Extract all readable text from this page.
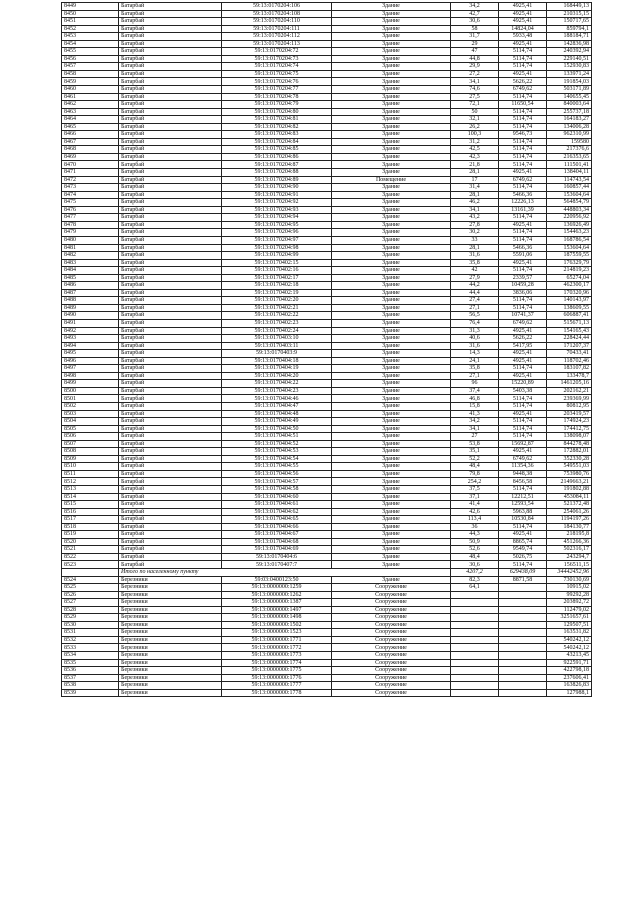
8449	Батарбай	59:13:0170204:106	Здание	34,2	4925,41	168449,13
8450	Батарбай	59:13:0170204:108	Здание	42,7	4925,41	210315,15
8451	Батарбай	59:13:0170204:110	Здание	30,6	4925,41	150717,65
8452	Батарбай	59:13:0170204:111	Здание	58	14824,04	859794,1
8453	Батарбай	59:13:0170204:112	Здание	31,7	5933,48	188184,71
8454	Батарбай	59:13:0170204:113	Здание	29	4925,41	142836,98
8455	Батарбай	59:13:0170204:72	Здание	47	5114,74	240392,94
8456	Батарбай	59:13:0170204:73	Здание	44,8	5114,74	229140,51
8457	Батарбай	59:13:0170204:74	Здание	29,9	5114,74	152930,83
8458	Батарбай	59:13:0170204:75	Здание	27,2	4925,41	133971,24
8459	Батарбай	59:13:0170204:76	Здание	34,1	5626,22	191854,03
8460	Батарбай	59:13:0170204:77	Здание	74,6	6749,62	503171,89
8461	Батарбай	59:13:0170204:78	Здание	27,5	5114,74	140655,45
8462	Батарбай	59:13:0170204:79	Здание	72,1	11650,54	840003,64
8463	Батарбай	59:13:0170204:80	Здание	50	5114,74	255737,18
8464	Батарбай	59:13:0170204:81	Здание	32,1	5114,74	164183,27
8465	Батарбай	59:13:0170204:82	Здание	26,2	5114,74	134006,28
8466	Батарбай	59:13:0170204:83	Здание	100,3	9546,73	962310,99
8467	Батарбай	59:13:0170204:84	Здание	31,2	5114,74	159580
8468	Батарбай	59:13:0170204:85	Здание	42,5	5114,74	217376,6
8469	Батарбай	59:13:0170204:86	Здание	42,3	5114,74	216353,65
8470	Батарбай	59:13:0170204:87	Здание	21,8	5114,74	111501,41
8471	Батарбай	59:13:0170204:88	Здание	28,1	4925,41	138404,11
8472	Батарбай	59:13:0170204:89	Помещение	17	6749,62	114743,54
8473	Батарбай	59:13:0170204:90	Здание	31,4	5114,74	160857,44
8474	Батарбай	59:13:0170204:91	Здание	28,1	5466,36	153604,64
8475	Батарбай	59:13:0170204:92	Здание	46,2	12226,13	564854,79
8476	Батарбай	59:13:0170204:93	Здание	34,1	13161,39	448803,34
8477	Батарбай	59:13:0170204:94	Здание	43,2	5114,74	220956,92
8478	Батарбай	59:13:0170204:95	Здание	27,8	4925,41	136926,49
8479	Батарбай	59:13:0170204:96	Здание	30,2	5114,74	154463,23
8480	Батарбай	59:13:0170204:97	Здание	33	5114,74	168786,54
8481	Батарбай	59:13:0170204:98	Здание	28,1	5466,36	153604,64
8482	Батарбай	59:13:0170204:99	Здание	31,6	5591,06	187559,55
8483	Батарбай	59:13:0170402:15	Здание	35,8	4925,41	176329,79
8484	Батарбай	59:13:0170402:16	Здание	42	5114,74	214819,23
8485	Батарбай	59:13:0170402:17	Здание	27,9	2339,57	65274,04
8486	Батарбай	59:13:0170402:18	Здание	44,2	10459,28	462300,17
8487	Батарбай	59:13:0170402:19	Здание	44,4	3836,06	170320,96
8488	Батарбай	59:13:0170402:20	Здание	27,4	5114,74	140143,97
8489	Батарбай	59:13:0170402:21	Здание	27,1	5114,74	138609,55
8490	Батарбай	59:13:0170402:22	Здание	56,5	10741,37	606887,41
8491	Батарбай	59:13:0170402:23	Здание	76,4	6749,62	515671,13
8492	Батарбай	59:13:0170402:24	Здание	31,3	4925,41	154165,43
8493	Батарбай	59:13:0170403:10	Здание	40,6	5626,22	228424,44
8494	Батарбай	59:13:0170403:11	Здание	31,6	5417,95	171207,37
8495	Батарбай	59:13:0170403:9	Здание	14,3	4925,41	70433,41
8496	Батарбай	59:13:0170404:18	Здание	24,1	4925,41	118702,46
8497	Батарбай	59:13:0170404:19	Здание	35,8	5114,74	183107,82
8498	Батарбай	59:13:0170404:20	Здание	27,1	4925,41	133478,7
8499	Батарбай	59:13:0170404:22	Здание	96	15220,89	1461205,16
8500	Батарбай	59:13:0170404:23	Здание	37,4	5403,38	202162,21
8501	Батарбай	59:13:0170404:46	Здание	46,8	5114,74	239369,99
8502	Батарбай	59:13:0170404:47	Здание	15,8	5114,74	80812,95
8503	Батарбай	59:13:0170404:48	Здание	41,3	4925,41	203419,57
8504	Батарбай	59:13:0170404:49	Здание	34,2	5114,74	174924,23
8505	Батарбай	59:13:0170404:50	Здание	34,1	5114,74	174412,75
8506	Батарбай	59:13:0170404:51	Здание	27	5114,74	138098,07
8507	Батарбай	59:13:0170404:52	Здание	53,8	15692,87	844278,48
8508	Батарбай	59:13:0170404:53	Здание	35,1	4925,41	172882,01
8509	Батарбай	59:13:0170404:54	Здание	52,2	6749,62	352330,28
8510	Батарбай	59:13:0170404:55	Здание	48,4	11354,36	549551,03
8511	Батарбай	59:13:0170404:56	Здание	79,8	9448,38	753980,76
8512	Батарбай	59:13:0170404:57	Здание	254,2	8456,58	2149663,21
8513	Батарбай	59:13:0170404:58	Здание	37,5	5114,74	191802,88
8514	Батарбай	59:13:0170404:60	Здание	37,1	12212,51	453084,11
8515	Батарбай	59:13:0170404:61	Здание	41,4	12593,54	521372,48
8516	Батарбай	59:13:0170404:62	Здание	42,6	5963,88	254061,26
8517	Батарбай	59:13:0170404:65	Здание	113,4	10530,84	1194197,26
8518	Батарбай	59:13:0170404:66	Здание	36	5114,74	184130,77
8519	Батарбай	59:13:0170404:67	Здание	44,3	4925,41	218195,8
8520	Батарбай	59:13:0170404:68	Здание	50,9	8865,74	451266,36
8521	Батарбай	59:13:0170404:69	Здание	52,6	9549,74	502316,17
8522	Батарбай	59:13:0170404:6	Здание	48,4	5026,75	243294,7
8523	Батарбай	59:13:0170407:7	Здание	30,6	5114,74	156511,15
	Итого по населенному пункту			4207,2	629438,09	34442452,96
8524	Березники	59:03:0400123:50	Здание	82,3	8871,58	730130,69
8525	Березники	59:13:0000000:1259	Сооружение	64,1		10915,02
8526	Березники	59:13:0000000:1262	Сооружение			99292,28
8527	Березники	59:13:0000000:1387	Сооружение			203892,72
8528	Березники	59:13:0000000:1497	Сооружение			112479,02
8529	Березники	59:13:0000000:1498	Сооружение			3251657,61
8530	Березники	59:13:0000000:1502	Сооружение			129507,51
8531	Березники	59:13:0000000:1523	Сооружение			163531,82
8532	Березники	59:13:0000000:1771	Сооружение			540242,12
8533	Березники	59:13:0000000:1772	Сооружение			540242,12
8534	Березники	59:13:0000000:1773	Сооружение			43213,45
8535	Березники	59:13:0000000:1774	Сооружение			922591,71
8536	Березники	59:13:0000000:1775	Сооружение			422798,18
8537	Березники	59:13:0000000:1776	Сооружение			237606,41
8538	Березники	59:13:0000000:1777	Сооружение			163826,83
8539	Березники	59:13:0000000:1778	Сооружение			127988,1
